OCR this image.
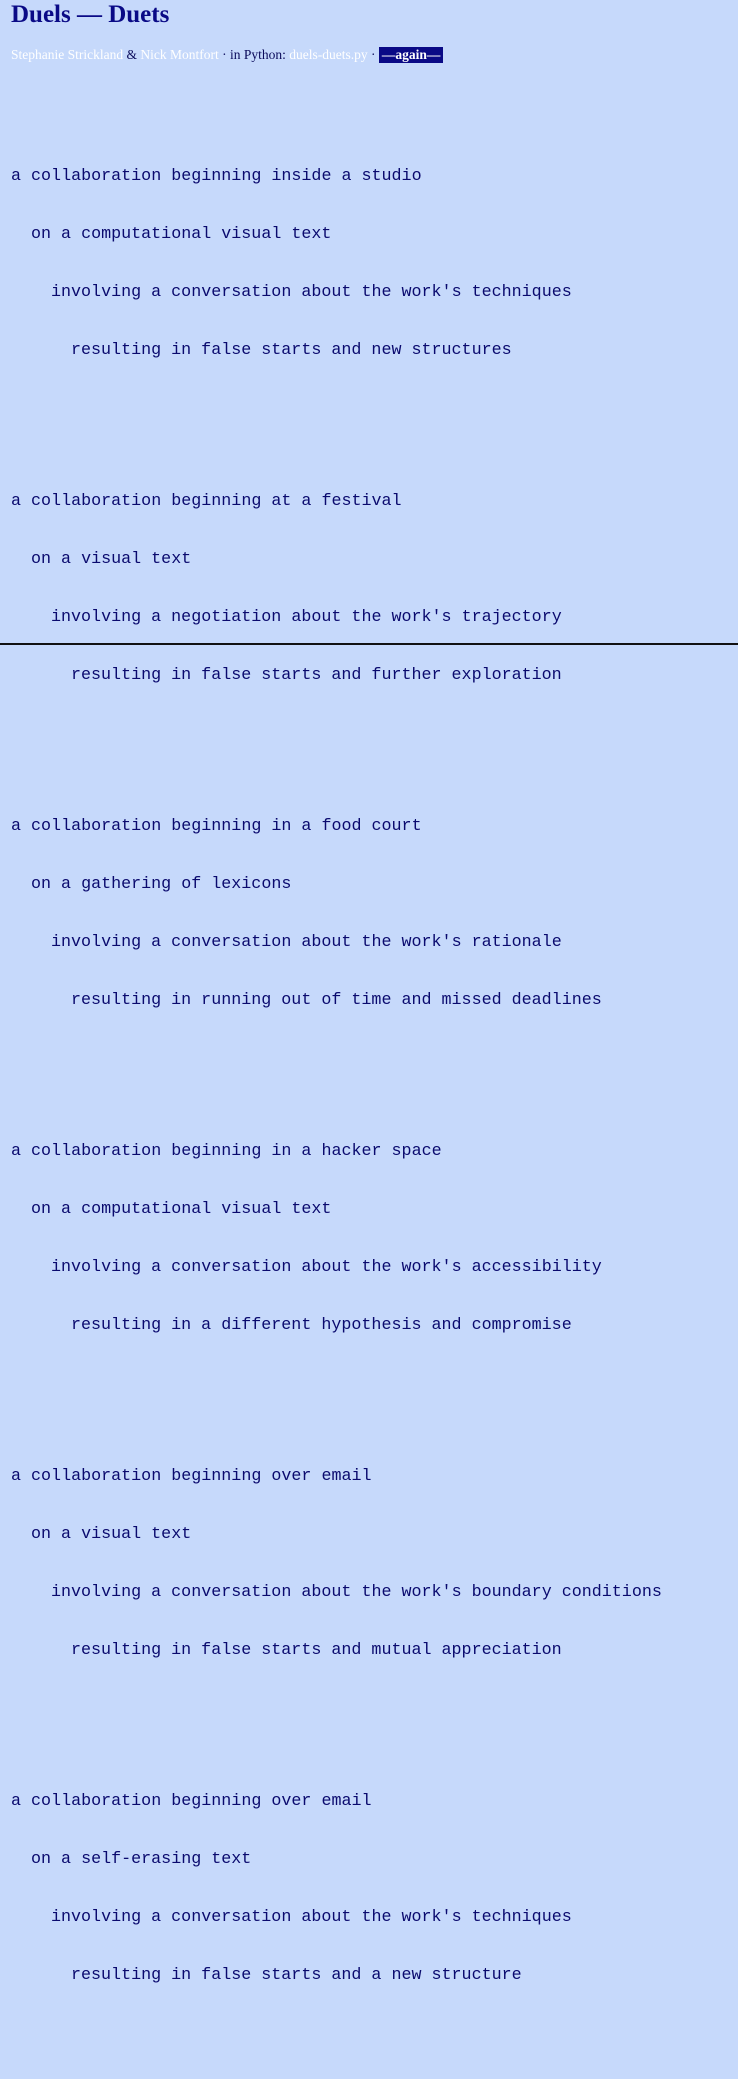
Duels — Duets
Stephanie Strickland & Nick Montfort · in Python: duels-duets.py · —again—

a collaboration beginning inside a studio

on a computational visual text

involving a conversation about the work's techniques

resulting in false starts and new structures

a collaboration beginning at a festival

on a visual text

involving a negotiation about the work's trajectory

resulting in false starts and further exploration

a collaboration beginning in a food court

on a gathering of lexicons

involving a conversation about the work's rationale

resulting in running out of time and missed deadlines

a collaboration beginning in a hacker space

on a computational visual text

involving a conversation about the work's accessibility

resulting in a different hypothesis and compromise

a collaboration beginning over email

on a visual text

involving a conversation about the work's boundary conditions

resulting in false starts and mutual appreciation

a collaboration beginning over email

on a self-erasing text

involving a conversation about the work's techniques

resulting in false starts and a new structure
